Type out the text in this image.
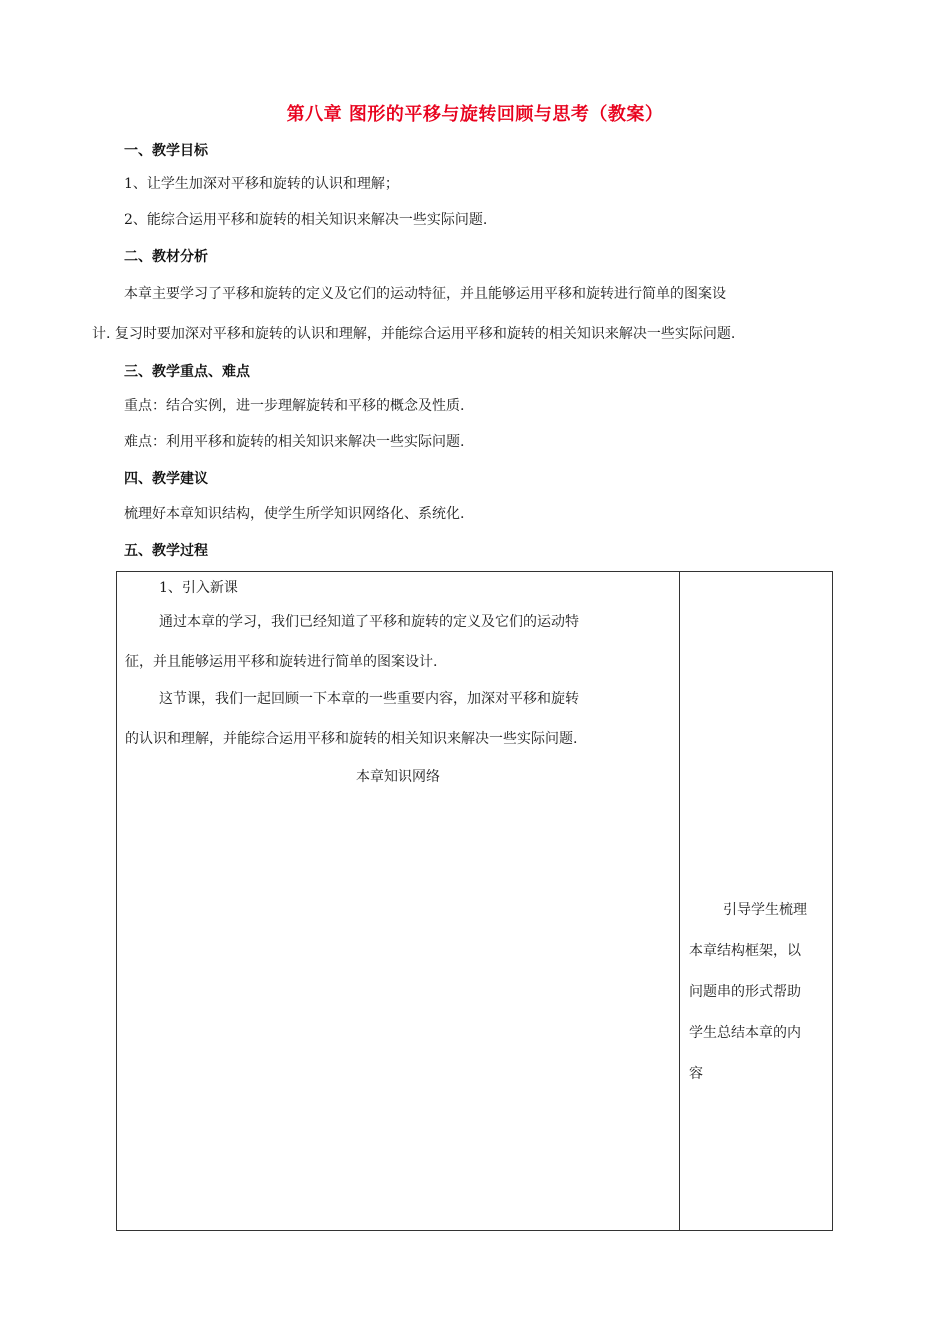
第八章 图形的平移与旋转回顾与思考（教案）
一、教学目标
1、让学生加深对平移和旋转的认识和理解；
2、能综合运用平移和旋转的相关知识来解决一些实际问题.
二、教材分析
本章主要学习了平移和旋转的定义及它们的运动特征，并且能够运用平移和旋转进行简单的图案设
计. 复习时要加深对平移和旋转的认识和理解，并能综合运用平移和旋转的相关知识来解决一些实际问题.
三、教学重点、难点
重点：结合实例，进一步理解旋转和平移的概念及性质.
难点：利用平移和旋转的相关知识来解决一些实际问题.
四、教学建议
梳理好本章知识结构，使学生所学知识网络化、系统化.
五、教学过程
1、引入新课
通过本章的学习，我们已经知道了平移和旋转的定义及它们的运动特
征，并且能够运用平移和旋转进行简单的图案设计.
这节课，我们一起回顾一下本章的一些重要内容，加深对平移和旋转
的认识和理解，并能综合运用平移和旋转的相关知识来解决一些实际问题.
本章知识网络
引导学生梳理
本章结构框架，以
问题串的形式帮助
学生总结本章的内
容
